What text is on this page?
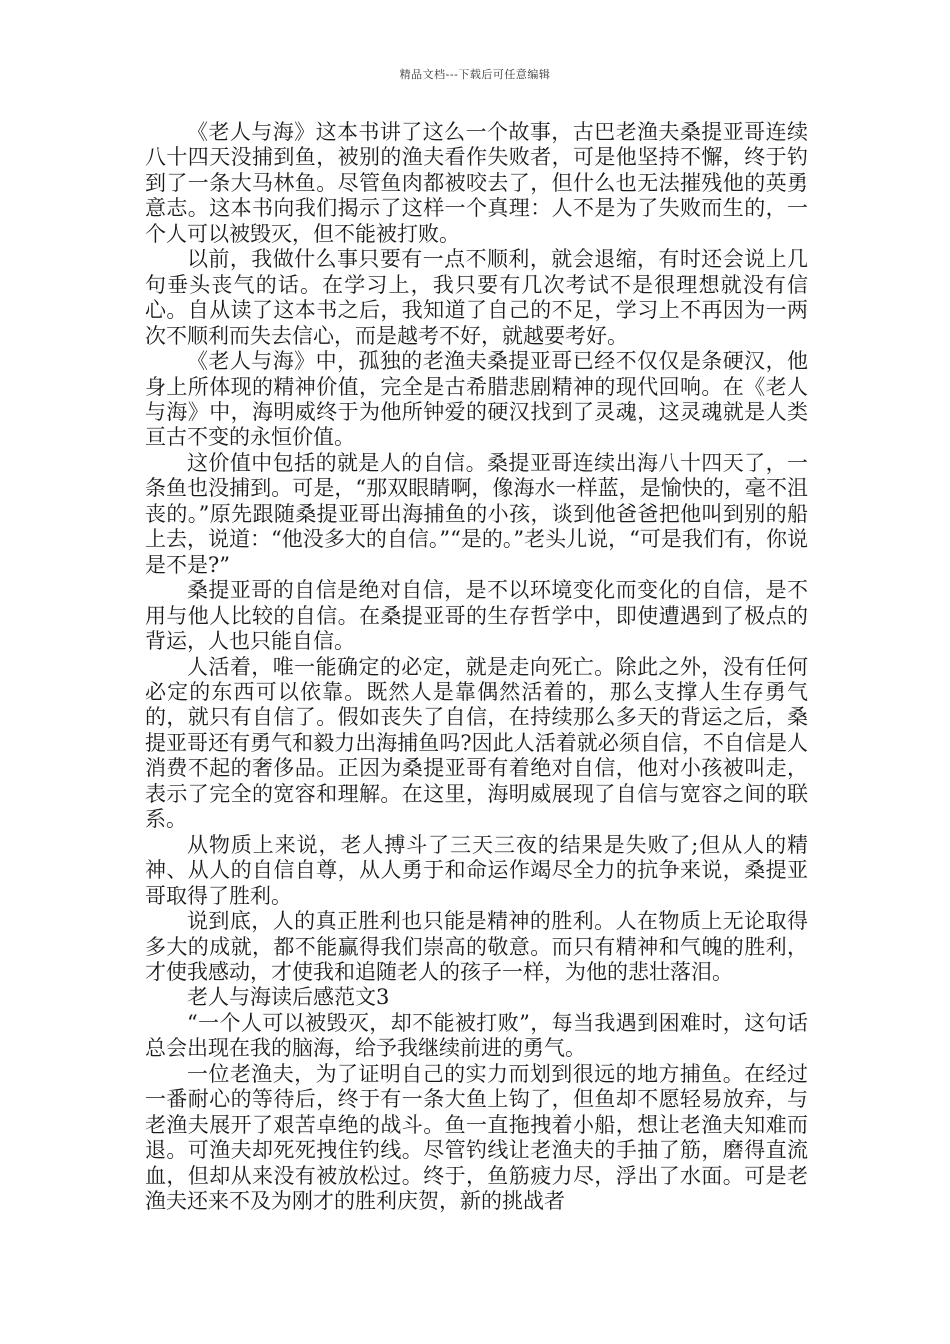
精品文档---下载后可任意编辑

《老人与海》这本书讲了这么一个故事，古巴老渔夫桑提亚哥连续八十四天没捕到鱼，被别的渔夫看作失败者，可是他坚持不懈，终于钓到了一条大马林鱼。尽管鱼肉都被咬去了，但什么也无法摧残他的英勇意志。这本书向我们揭示了这样一个真理：人不是为了失败而生的，一个人可以被毁灭，但不能被打败。

以前，我做什么事只要有一点不顺利，就会退缩，有时还会说上几句垂头丧气的话。在学习上，我只要有几次考试不是很理想就没有信心。自从读了这本书之后，我知道了自己的不足，学习上不再因为一两次不顺利而失去信心，而是越考不好，就越要考好。

《老人与海》中，孤独的老渔夫桑提亚哥已经不仅仅是条硬汉，他身上所体现的精神价值，完全是古希腊悲剧精神的现代回响。在《老人与海》中，海明威终于为他所钟爱的硬汉找到了灵魂，这灵魂就是人类亘古不变的永恒价值。

这价值中包括的就是人的自信。桑提亚哥连续出海八十四天了，一条鱼也没捕到。可是，“那双眼睛啊，像海水一样蓝，是愉快的，毫不沮丧的。”原先跟随桑提亚哥出海捕鱼的小孩，谈到他爸爸把他叫到别的船上去，说道：“他没多大的自信。”“是的。”老头儿说，“可是我们有，你说是不是?”

桑提亚哥的自信是绝对自信，是不以环境变化而变化的自信，是不用与他人比较的自信。在桑提亚哥的生存哲学中，即使遭遇到了极点的背运，人也只能自信。

人活着，唯一能确定的必定，就是走向死亡。除此之外，没有任何必定的东西可以依靠。既然人是靠偶然活着的，那么支撑人生存勇气的，就只有自信了。假如丧失了自信，在持续那么多天的背运之后，桑提亚哥还有勇气和毅力出海捕鱼吗?因此人活着就必须自信，不自信是人消费不起的奢侈品。正因为桑提亚哥有着绝对自信，他对小孩被叫走，表示了完全的宽容和理解。在这里，海明威展现了自信与宽容之间的联系。

从物质上来说，老人搏斗了三天三夜的结果是失败了;但从人的精神、从人的自信自尊，从人勇于和命运作竭尽全力的抗争来说，桑提亚哥取得了胜利。

说到底，人的真正胜利也只能是精神的胜利。人在物质上无论取得多大的成就，都不能赢得我们崇高的敬意。而只有精神和气魄的胜利，才使我感动，才使我和追随老人的孩子一样，为他的悲壮落泪。

老人与海读后感范文3

“一个人可以被毁灭，却不能被打败”，每当我遇到困难时，这句话总会出现在我的脑海，给予我继续前进的勇气。

一位老渔夫，为了证明自己的实力而划到很远的地方捕鱼。在经过一番耐心的等待后，终于有一条大鱼上钩了，但鱼却不愿轻易放弃，与老渔夫展开了艰苦卓绝的战斗。鱼一直拖拽着小船，想让老渔夫知难而退。可渔夫却死死拽住钓线。尽管钓线让老渔夫的手抽了筋，磨得直流血，但却从来没有被放松过。终于，鱼筋疲力尽，浮出了水面。可是老渔夫还来不及为刚才的胜利庆贺，新的挑战者
